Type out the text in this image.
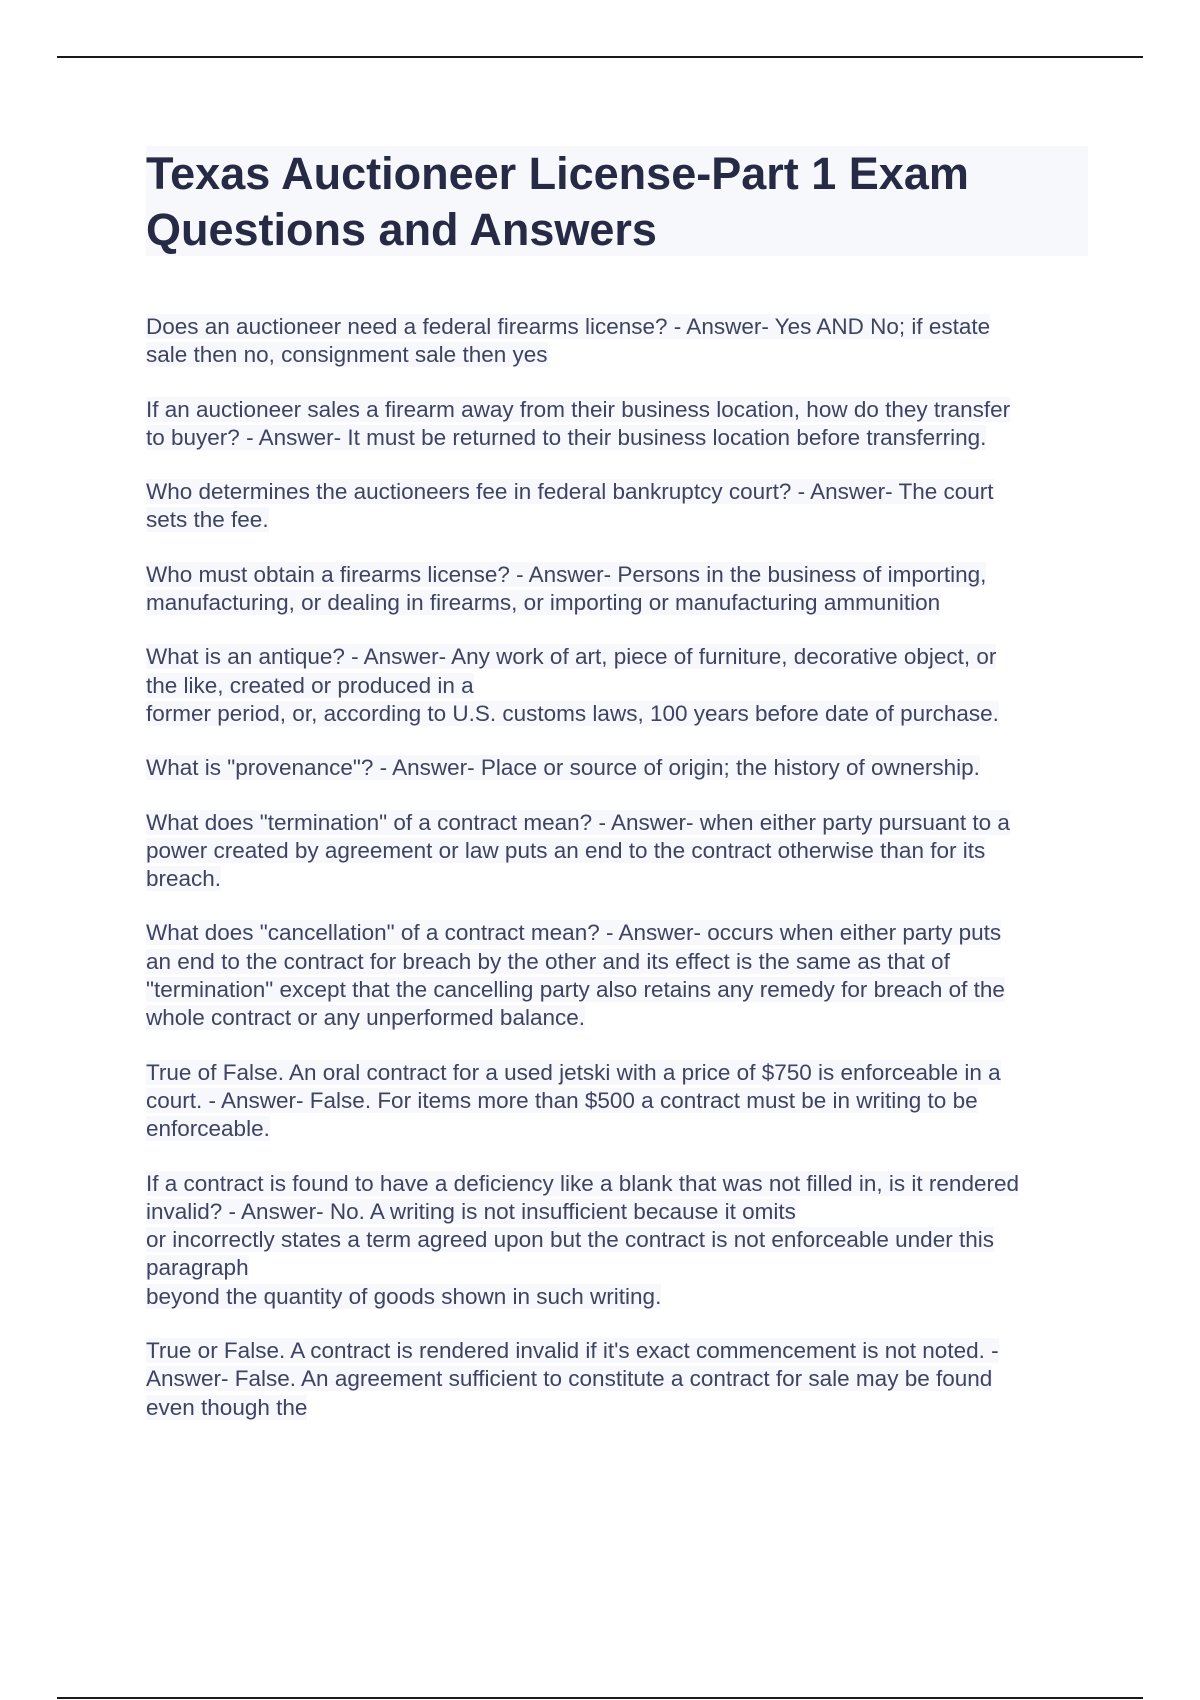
Texas Auctioneer License-Part 1 Exam Questions and Answers

Does an auctioneer need a federal firearms license? - Answer- Yes AND No; if estate
sale then no, consignment sale then yes

If an auctioneer sales a firearm away from their business location, how do they transfer
to buyer? - Answer- It must be returned to their business location before transferring.

Who determines the auctioneers fee in federal bankruptcy court? - Answer- The court
sets the fee.

Who must obtain a firearms license? - Answer- Persons in the business of importing,
manufacturing, or dealing in firearms, or importing or manufacturing ammunition

What is an antique? - Answer- Any work of art, piece of furniture, decorative object, or
the like, created or produced in a
former period, or, according to U.S. customs laws, 100 years before date of purchase.

What is "provenance"? - Answer- Place or source of origin; the history of ownership.

What does "termination" of a contract mean? - Answer- when either party pursuant to a
power created by agreement or law puts an end to the contract otherwise than for its
breach.

What does "cancellation" of a contract mean? - Answer- occurs when either party puts
an end to the contract for breach by the other and its effect is the same as that of
"termination" except that the cancelling party also retains any remedy for breach of the
whole contract or any unperformed balance.

True of False. An oral contract for a used jetski with a price of $750 is enforceable in a
court. - Answer- False. For items more than $500 a contract must be in writing to be
enforceable.

If a contract is found to have a deficiency like a blank that was not filled in, is it rendered
invalid? - Answer- No. A writing is not insufficient because it omits
or incorrectly states a term agreed upon but the contract is not enforceable under this
paragraph
beyond the quantity of goods shown in such writing.

True or False. A contract is rendered invalid if it's exact commencement is not noted. -
Answer- False. An agreement sufficient to constitute a contract for sale may be found
even though the
